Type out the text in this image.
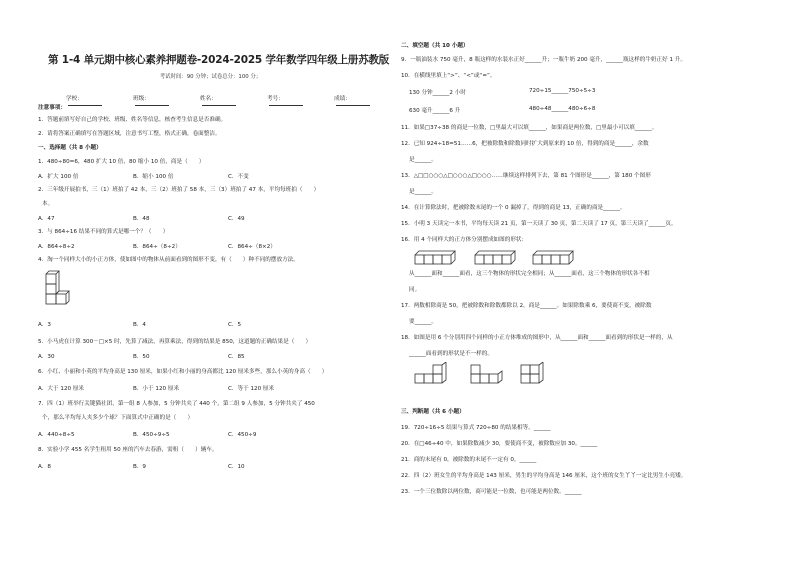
第 1-4 单元期中核心素养押题卷-2024-2025 学年数学四年级上册苏教版
考试时间：90 分钟；试卷总分：100 分；
学校：	班级：	姓名：	考号：	成绩：
注意事项：
1．答题前填写好自己的学校、班级、姓名等信息，核查考生信息是否准确。
2．请将答案正确填写在答题区域，注意书写工整，格式正确，卷面整洁。
一、选择题（共 8 小题）
1．480÷80=6，480 扩大 10 倍，80 缩小 10 倍，商是（　　）
A．扩大 100 倍	B．缩小 100 倍	C．不变
2．三年级开展拍书，三（1）班拍了 42 本，三（2）班拍了 58 本，三（3）班拍了 47 本，平均每班拍（　　）
本。
A．47	B．48	C．49
3．与 864÷16 结果不同的算式是哪一个？（　　）
A．864÷8÷2	B．864÷（8÷2）	C．864÷（8×2）
4．淘一个同样大小的小正方体，使如图中的物体从前面看到的图形不变，有（　　）种不同的摆放方法。
A．3	B．4	C．5
5．小马虎在计算 300－□×5 时，先算了减法，再算乘法，得到的结果是 850，这道题的正确结果是（　　）
A．30	B．50	C．85
6．小红、小丽和小英的平均身高是 130 厘米，如果小红和小丽的身高都比 120 厘米多些，那么小英的身高（　　）
A．大于 120 厘米	B．小于 120 厘米	C．等于 120 厘米
7．四（1）班举行关键猫社团，第一组 8 人参加，5 分钟共夹了 440 个，第二组 9 人参加，5 分钟共夹了 450
个，那么平均每人夹多少个球？下面算式中正确的是（　　）
A．440÷8÷5	B．450÷9÷5	C．450÷9
8．实验小学 455 名学生租用 50 座的汽车去春游，需租（　　）辆车。
A．8	B．9	C．10
二、填空题（共 10 小题）
9．一瓶油装水 750 毫升，8 瓶这样的水装水正好______升；一瓶牛奶 200 毫升，______瓶这样的牛奶正好 1 升。
10．在横线里填上“>”、“<”或“=”。
130 分钟______2 小时	720÷15______750÷5÷3
630 毫升______6 升	480÷48______480÷6÷8
11．如果□37÷38 的商是一位数，□里最大可以填______，如果商是两位数，□里最小可以填______。
12．已知 924÷18=51……6，把被除数和除数同时扩大到原来的 10 倍，得到的商是______，余数
是______。
13．△□□○○○△□○○○△□○○○……继续这样排列下去，第 81 个图形是______，第 180 个图形
是______。
14．在计算除法时，把被除数末尾的一个 0 漏掉了，得到的商是 13，正确的商是______。
15．小明 3 天读完一本书，平均每天读 21 页，第一天读了 30 页，第二天读了 17 页，第三天读了______页。
16．用 4 个同样大的正方体分别摆成如图的形状：
从______面和______面看，这三个物体的形状完全相同；从______面看，这三个物体的形状各不相
同。
17．两数相除商是 50，把被除数和除数都除以 2，商是______。如果除数乘 6，要使商不变，被除数
要______。
18．如图是用 6 个分别用四个同样的小正方体堆成的图形中，从______面和______面看到的形状是一样的，从
______面看到的形状是不一样的。
三、判断题（共 6 小题）
19．720÷16÷5 结果与算式 720÷80 的结果相等。______
20．在□46÷40 中，如果除数减少 30，要使商不变，被除数应加 30。______
21．商的末尾有 0，被除数的末尾不一定有 0。______
22．四（2）班女生的平均身高是 143 厘米，男生的平均身高是 146 厘米，这个班的女生丫丫一定比男生小亮矮。
23．一个三位数除以两位数，商可能是一位数，也可能是两位数。______
